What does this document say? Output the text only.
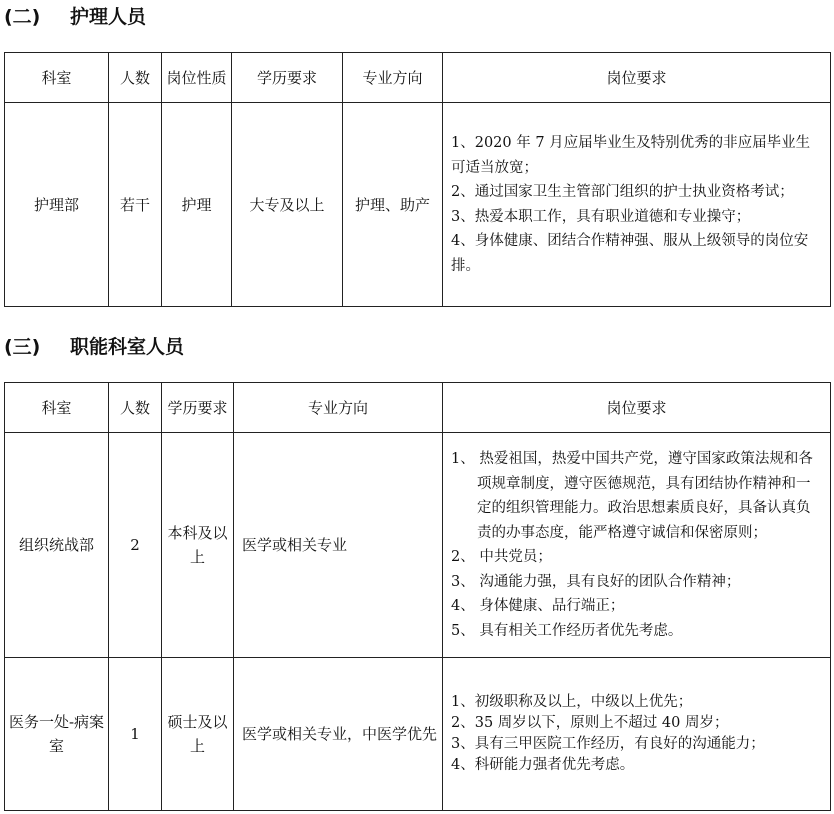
(二) 护理人员
科室	人数	岗位性质	学历要求	专业方向	岗位要求
护理部	若干	护理	大专及以上	护理、助产	1、2020 年 7 月应届毕业生及特别优秀的非应届毕业生可适当放宽；

2、通过国家卫生主管部门组织的护士执业资格考试；

3、热爱本职工作，具有职业道德和专业操守；

4、身体健康、团结合作精神强、服从上级领导的岗位安排。

(三) 职能科室人员
科室	人数	学历要求	专业方向	岗位要求
组织统战部	2	本科及以上	医学或相关专业	1、 热爱祖国，热爱中国共产党，遵守国家政策法规和各项规章制度，遵守医德规范，具有团结协作精神和一定的组织管理能力。政治思想素质良好，具备认真负责的办事态度，能严格遵守诚信和保密原则；

2、 中共党员；

3、 沟通能力强，具有良好的团队合作精神；

4、 身体健康、品行端正；

5、 具有相关工作经历者优先考虑。

医务一处-病案室	1	硕士及以上	医学或相关专业，中医学优先	1、初级职称及以上，中级以上优先；

2、35 周岁以下，原则上不超过 40 周岁；

3、具有三甲医院工作经历，有良好的沟通能力；

4、科研能力强者优先考虑。
